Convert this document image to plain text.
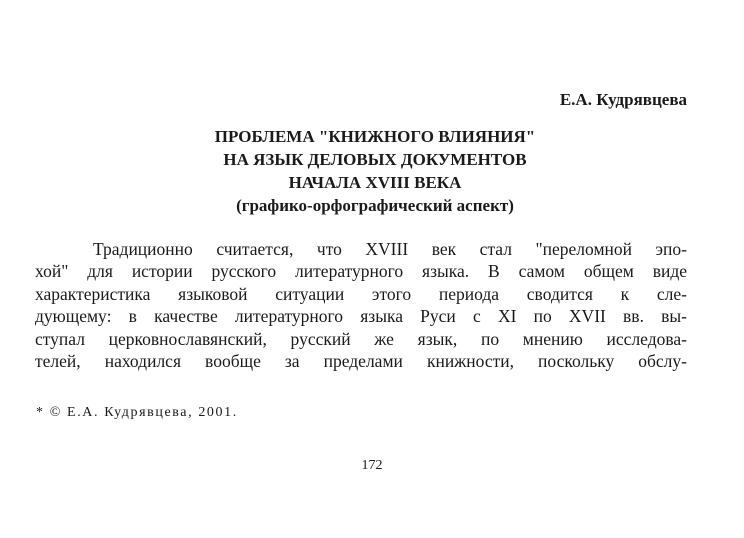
Е.А. Кудрявцева
ПРОБЛЕМА "КНИЖНОГО ВЛИЯНИЯ"
НА ЯЗЫК ДЕЛОВЫХ ДОКУМЕНТОВ
НАЧАЛА XVIII ВЕКА
(графико-орфографический аспект)
Традиционно считается, что XVIII век стал "переломной эпо-
хой" для истории русского литературного языка. В самом общем виде
характеристика языковой ситуации этого периода сводится к сле-
дующему: в качестве литературного языка Руси с XI по XVII вв. вы-
ступал церковнославянский, русский же язык, по мнению исследова-
телей, находился вообще за пределами книжности, поскольку обслу-
* © Е.А. Кудрявцева, 2001.
172
